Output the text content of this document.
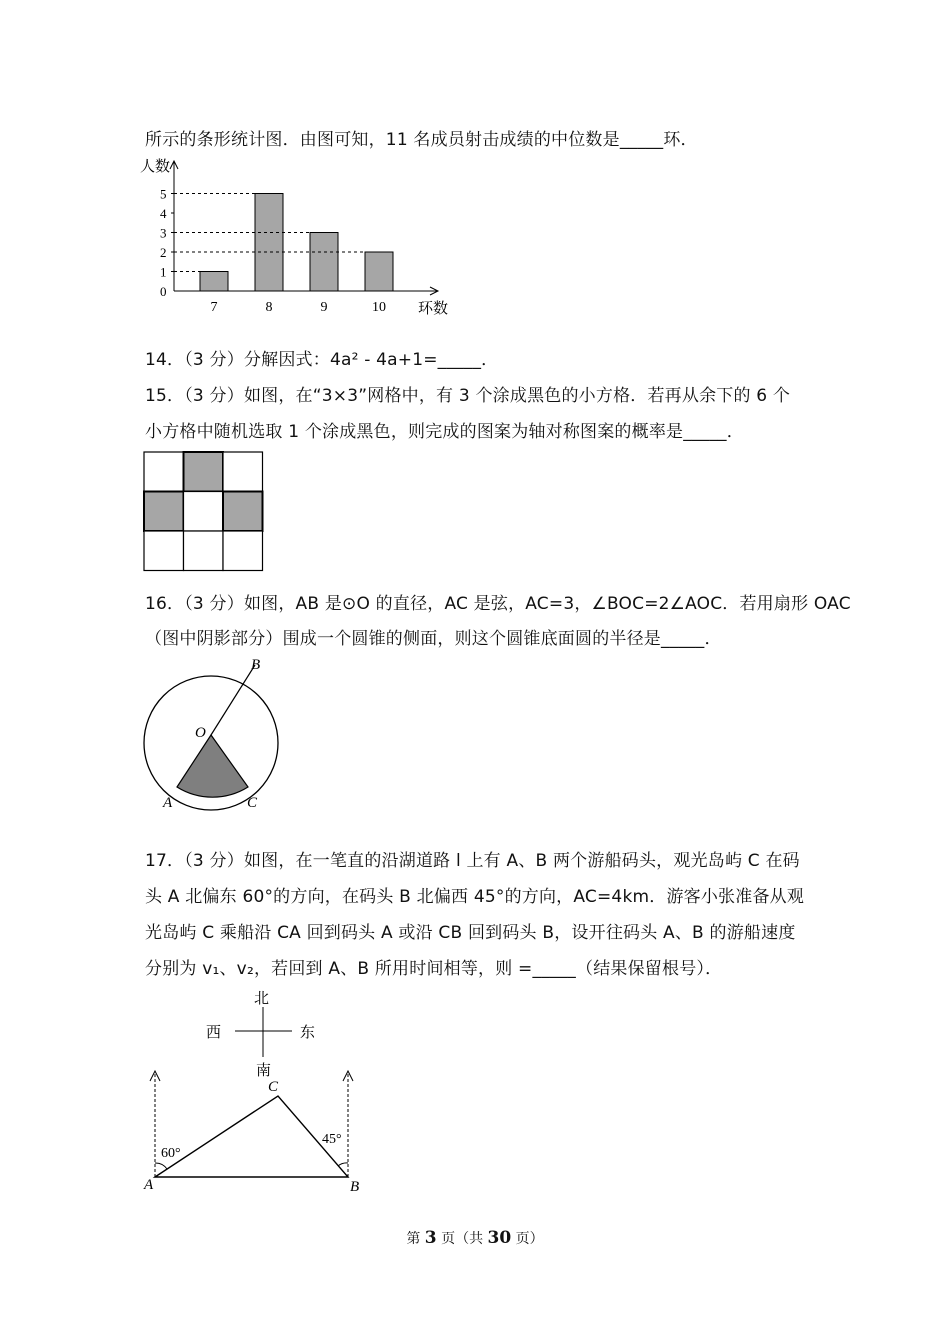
所示的条形统计图．由图可知，11 名成员射击成绩的中位数是_____环．
人数
环数
0
1
2
3
4
5
7	8	9	10
14．（3 分）分解因式：4a² ‐ 4a+1=_____．
15．（3 分）如图，在“3×3”网格中，有 3 个涂成黑色的小方格．若再从余下的 6 个
小方格中随机选取 1 个涂成黑色，则完成的图案为轴对称图案的概率是_____．
16．（3 分）如图，AB 是⊙O 的直径，AC 是弦，AC=3，∠BOC=2∠AOC．若用扇形 OAC
（图中阴影部分）围成一个圆锥的侧面，则这个圆锥底面圆的半径是_____．
B
O
A	C
17．（3 分）如图，在一笔直的沿湖道路 l 上有 A、B 两个游船码头，观光岛屿 C 在码
头 A 北偏东 60°的方向，在码头 B 北偏西 45°的方向，AC=4km．游客小张准备从观
光岛屿 C 乘船沿 CA 回到码头 A 或沿 CB 回到码头 B，设开往码头 A、B 的游船速度
分别为 v₁、v₂，若回到 A、B 所用时间相等，则 =_____（结果保留根号）．
北
西	东
南
60°
45°
A	B
C
第 3 页（共 30 页）
